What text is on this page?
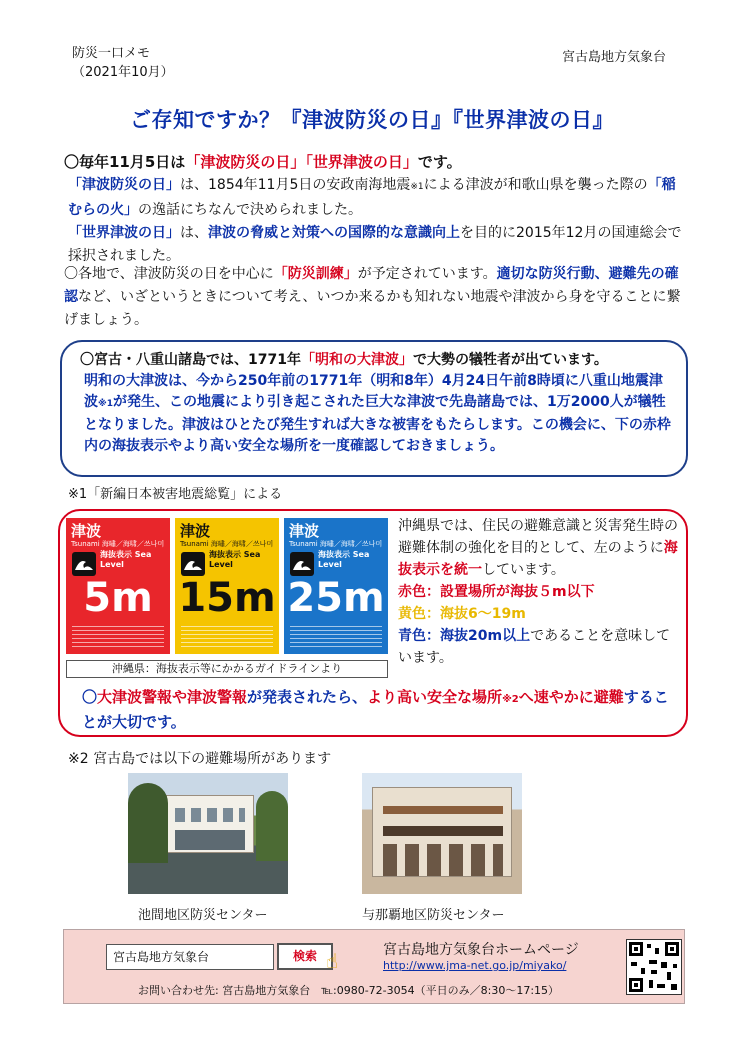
防災一口メモ
（2021年10月）
宮古島地方気象台
ご存知ですか？『津波防災の日』『世界津波の日』
〇毎年11月5日は「津波防災の日」「世界津波の日」です。
「津波防災の日」は、1854年11月5日の安政南海地震※1による津波が和歌山県を襲った際の「稲むらの火」の逸話にちなんで決められました。
「世界津波の日」は、津波の脅威と対策への国際的な意識向上を目的に2015年12月の国連総会で採択されました。
〇各地で、津波防災の日を中心に「防災訓練」が予定されています。適切な防災行動、避難先の確認など、いざというときについて考え、いつか来るかも知れない地震や津波から身を守ることに繋げましょう。
〇宮古・八重山諸島では、1771年「明和の大津波」で大勢の犠牲者が出ています。
明和の大津波は、今から250年前の1771年（明和8年）4月24日午前8時頃に八重山地震津波※1が発生、この地震により引き起こされた巨大な津波で先島諸島では、1万2000人が犠牲となりました。津波はひとたび発生すれば大きな被害をもたらします。この機会に、下の赤枠内の海抜表示やより高い安全な場所を一度確認しておきましょう。
※1「新編日本被害地震総覧」による
津波
Tsunami 海嘯／海啸／쓰나미
海抜表示 Sea Level
5m
津波
Tsunami 海嘯／海啸／쓰나미
海抜表示 Sea Level
15m
津波
Tsunami 海嘯／海啸／쓰나미
海抜表示 Sea Level
25m
沖縄県：海抜表示等にかかるガイドラインより
沖縄県では、住民の避難意識と災害発生時の避難体制の強化を目的として、左のように海抜表示を統一しています。
赤色：設置場所が海抜５m以下
黄色：海抜6～19m
青色：海抜20m以上であることを意味しています。
〇大津波警報や津波警報が発表されたら、より高い安全な場所※2へ速やかに避難することが大切です。
※2 宮古島では以下の避難場所があります
池間地区防災センター	与那覇地区防災センター
宮古島地方気象台	検索 ☝	宮古島地方気象台ホームページ
http://www.jma-net.go.jp/miyako/
お問い合わせ先: 宮古島地方気象台　℡:0980-72-3054（平日のみ／8:30～17:15）
